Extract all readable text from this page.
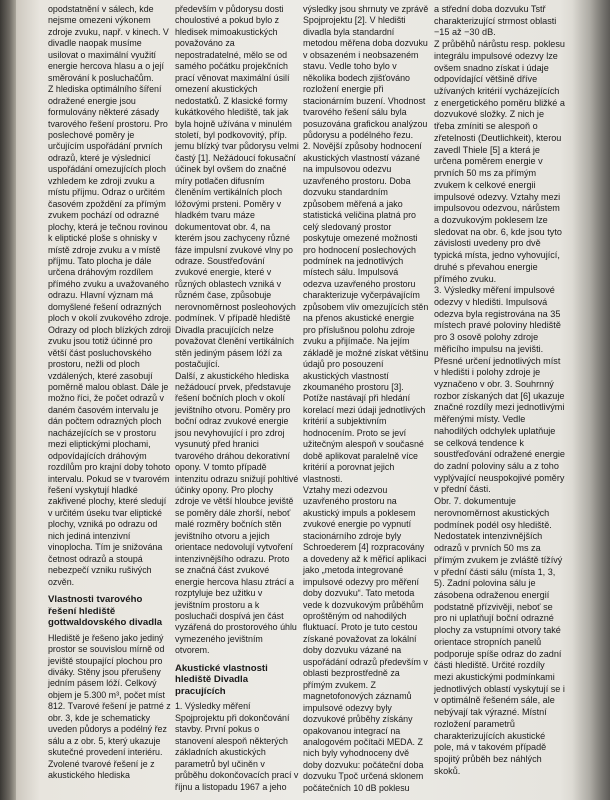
opodstatnění v sálech, kde nejsme omezeni výkonem zdroje zvuku, např. v kinech. V divadle naopak musíme usilovat o maximální využití energie hercova hlasu a o její směrování k posluchačům.

Z hlediska optimálního šíření odražené energie jsou formulovány některé zásady tvarového řešení prostoru. Pro poslechové poměry je určujícím uspořádání prvních odrazů, které je výslednicí uspořádání omezujících ploch vzhledem ke zdroji zvuku a místu příjmu. Odraz o určitém časovém zpoždění za přímým zvukem pochází od odrazné plochy, která je tečnou rovinou k eliptické ploše s ohnisky v místě zdroje zvuku a v místě příjmu. Tato plocha je dále určena dráhovým rozdílem přímého zvuku a uvažovaného odrazu. Hlavní význam má domyšlené řešení odrazných ploch v okolí zvukového zdroje. Odrazy od ploch blízkých zdroji zvuku jsou totiž účinné pro větší část posluchovského prostoru, nežli od ploch vzdálených, které zasobují poměrně malou oblast. Dále je možno říci, že počet odrazů v daném časovém intervalu je dán počtem odrazných ploch nacházejících se v prostoru mezi eliptickými plochami, odpovídajících dráhovým rozdílům pro krajní doby tohoto intervalu. Pokud se v tvarovém řešení vyskytují hladké zakřivené plochy, které sledují v určitém úseku tvar eliptické plochy, vzniká po odrazu od nich jediná intenzivní vinoplocha. Tím je snižována četnost odrazů a stoupá nebezpečí vzniku rušivých ozvěn.

Vlastnosti tvarového řešení hlediště gottwaldovského divadla

Hlediště je řešeno jako jediný prostor se souvislou mírně od jeviště stoupající plochou pro diváky. Stěny jsou přerušeny jedním pásem lóží. Celkový objem je 5.300 m³, počet míst 812. Tvarové řešení je patrné z obr. 3, kde je schematicky uveden půdorys a podélný řez sálu a z obr. 5, který ukazuje skutečné provedení interiéru. Zvolené tvarové řešení je z akustického hlediska

především v půdorysu dosti choulostivé a pokud bylo z hledisek mimoakustických považováno za nepostradatelné, mělo se od samého počátku projekčních prací věnovat maximální úsilí omezení akustických nedostatků. Z klasické formy kukátkového hlediště, tak jak byla hojně užívána v minulém století, byl podkovovitý, příp. jemu blízký tvar půdorysu velmi častý [1]. Nežádoucí fokusační účinek byl ovšem do značné míry potlačen difusním členěním vertikálních ploch lóžovými prsteni. Poměry v hladkém tvaru máze dokumentovat obr. 4, na kterém jsou zachyceny různé fáze impulsní zvukové vlny po odraze. Soustřeďování zvukové energie, které v různých oblastech vzniká v různém čase, způsobuje nerovnoměrnost posleohových podmínek. V případě hlediště Divadla pracujících nelze považovat členění vertikálních stěn jediným pásem lóží za postačující.

Další, z akustického hlediska nežádoucí prvek, představuje řešení bočních ploch v okolí jevištního otvoru. Poměry pro boční odraz zvukové energie jsou nevyhovující i pro zdroj vysunutý před hranici tvarového dráhou dekorativní opony. V tomto případě intenzitu odrazu snižují pohltivé účinky opony. Pro plochy zdroje ve větší hloubce jeviště se poměry dále zhorší, neboť malé rozměry bočních stěn jevištního otvoru a jejich orientace nedovolují vytvoření intenzivnějšího odrazu. Proto se značná část zvukové energie hercova hlasu ztrácí a rozptyluje bez užitku v jevištním prostoru a k posluchači dospívá jen část vyzářená do prostorového úhlu vymezeného jevištním otvorem.

Akustické vlastnosti hlediště Divadla pracujících

1. Výsledky měření Spojprojektu při dokončování stavby. První pokus o stanovení alespoň některých základních akustických parametrů byl učiněn v průběhu dokončovacích prací v říjnu a listopadu 1967 a jeho

výsledky jsou shrnuty ve zprávě Spojprojektu [2]. V hledišti divadla byla standardní metodou měřena doba dozvuku v obsazeném i neobsazeném stavu. Vedle toho bylo v několika bodech zjišťováno rozložení energie při stacionárním buzení. Vhodnost tvarového řešení sálu byla posuzována grafickou analýzou půdorysu a podélného řezu.

2. Novější způsoby hodnocení akustických vlastností vázané na impulsovou odezvu uzavřeného prostoru. Doba dozvuku standardním způsobem měřená a jako statistická veličina platná pro celý sledovaný prostor poskytuje omezené možnosti pro hodnocení poslechových podmínek na jednotlivých místech sálu. Impulsová odezva uzavřeného prostoru charakterizuje vyčerpávajícím způsobem vliv omezujících stěn na přenos akustické energie pro příslušnou polohu zdroje zvuku a přijímače. Na jejím základě je možné získat většinu údajů pro posouzení akustických vlastností zkoumaného prostoru [3].

Potíže nastávají při hledání korelací mezi údaji jednotlivých kritérií a subjektivním hodnocením. Proto se jeví užitečným alespoň v současné době aplikovat paralelně více kritérií a porovnat jejich vlastnosti.

Vztahy mezi odezvou uzavřeného prostoru na akustický impuls a poklesem zvukové energie po vypnutí stacionárního zdroje byly Schroederem [4] rozpracovány a dovedeny až k měřicí aplikaci jako „metoda integrované impulsové odezvy pro měření doby dozvuku“. Tato metoda vede k dozvukovým průběhům oproštěným od nahodilých fluktuací. Proto je tuto cestou získané považovat za lokální doby dozvuku vázané na uspořádání odrazů především v oblasti bezprostředně za přímým zvukem. Z magnetofonových záznamů impulsové odezvy byly dozvukové průběhy získány opakovanou integrací na analogovém počítači MEDA. Z nich byly vyhodnoceny dvě doby dozvuku: počáteční doba dozvuku Tpoč určená sklonem počátečních 10 dB poklesu

a střední doba dozvuku Tstř charakterizující strmost oblasti −15 až −30 dB.

Z průběhů nárůstu resp. poklesu integrálu impulsové odezvy lze ovšem snadno získat i údaje odpovídající většině dříve užívaných kritérií vycházejících z energetického poměru bližké a dozvukové složky. Z nich je třeba zmíniti se alespoň o zřetelnosti (Deutlichkeit), kterou zavedl Thiele [5] a která je určena poměrem energie v prvních 50 ms za přímým zvukem k celkové energii impulsové odezvy. Vztahy mezi impulsovou odezvou, nárůstem a dozvukovým poklesem lze sledovat na obr. 6, kde jsou tyto závislosti uvedeny pro dvě typická místa, jedno vyhovující, druhé s převahou energie přímého zvuku.

3. Výsledky měření impulsové odezvy v hledišti. Impulsová odezva byla registrována na 35 místech pravé poloviny hlediště pro 3 osově polohy zdroje měřicího impulsu na jevišti. Přesné určení jednotlivých míst v hledišti i polohy zdroje je vyznačeno v obr. 3. Souhrnný rozbor získaných dat [6] ukazuje značné rozdíly mezi jednotlivými měřenými místy. Vedle nahodilých odchylek uplatňuje se celková tendence k soustřeďování odražené energie do zadní poloviny sálu a z toho vyplývající neuspokojivé poměry v přední části.

Obr. 7. dokumentuje nerovnoměrnost akustických podmínek podél osy hlediště. Nedostatek intenzivnějších odrazů v prvních 50 ms za přímým zvukem je zvláště tížívý v přední části sálu (místa 1, 3, 5). Zadní polovina sálu je zásobena odraženou energií podstatně přízvivěji, neboť se pro ni uplatňují boční odrazné plochy za vstupními otvory také orientace stropních panelů podporuje spíše odraz do zadní části hlediště. Určité rozdíly mezi akustickými podmínkami jednotlivých oblastí vyskytují se i v optimálně řešeném sále, ale nebývají tak výrazné. Místní rozložení parametrů charakterizujících akustické pole, má v takovém případě spojitý průběh bez náhlých skoků.
